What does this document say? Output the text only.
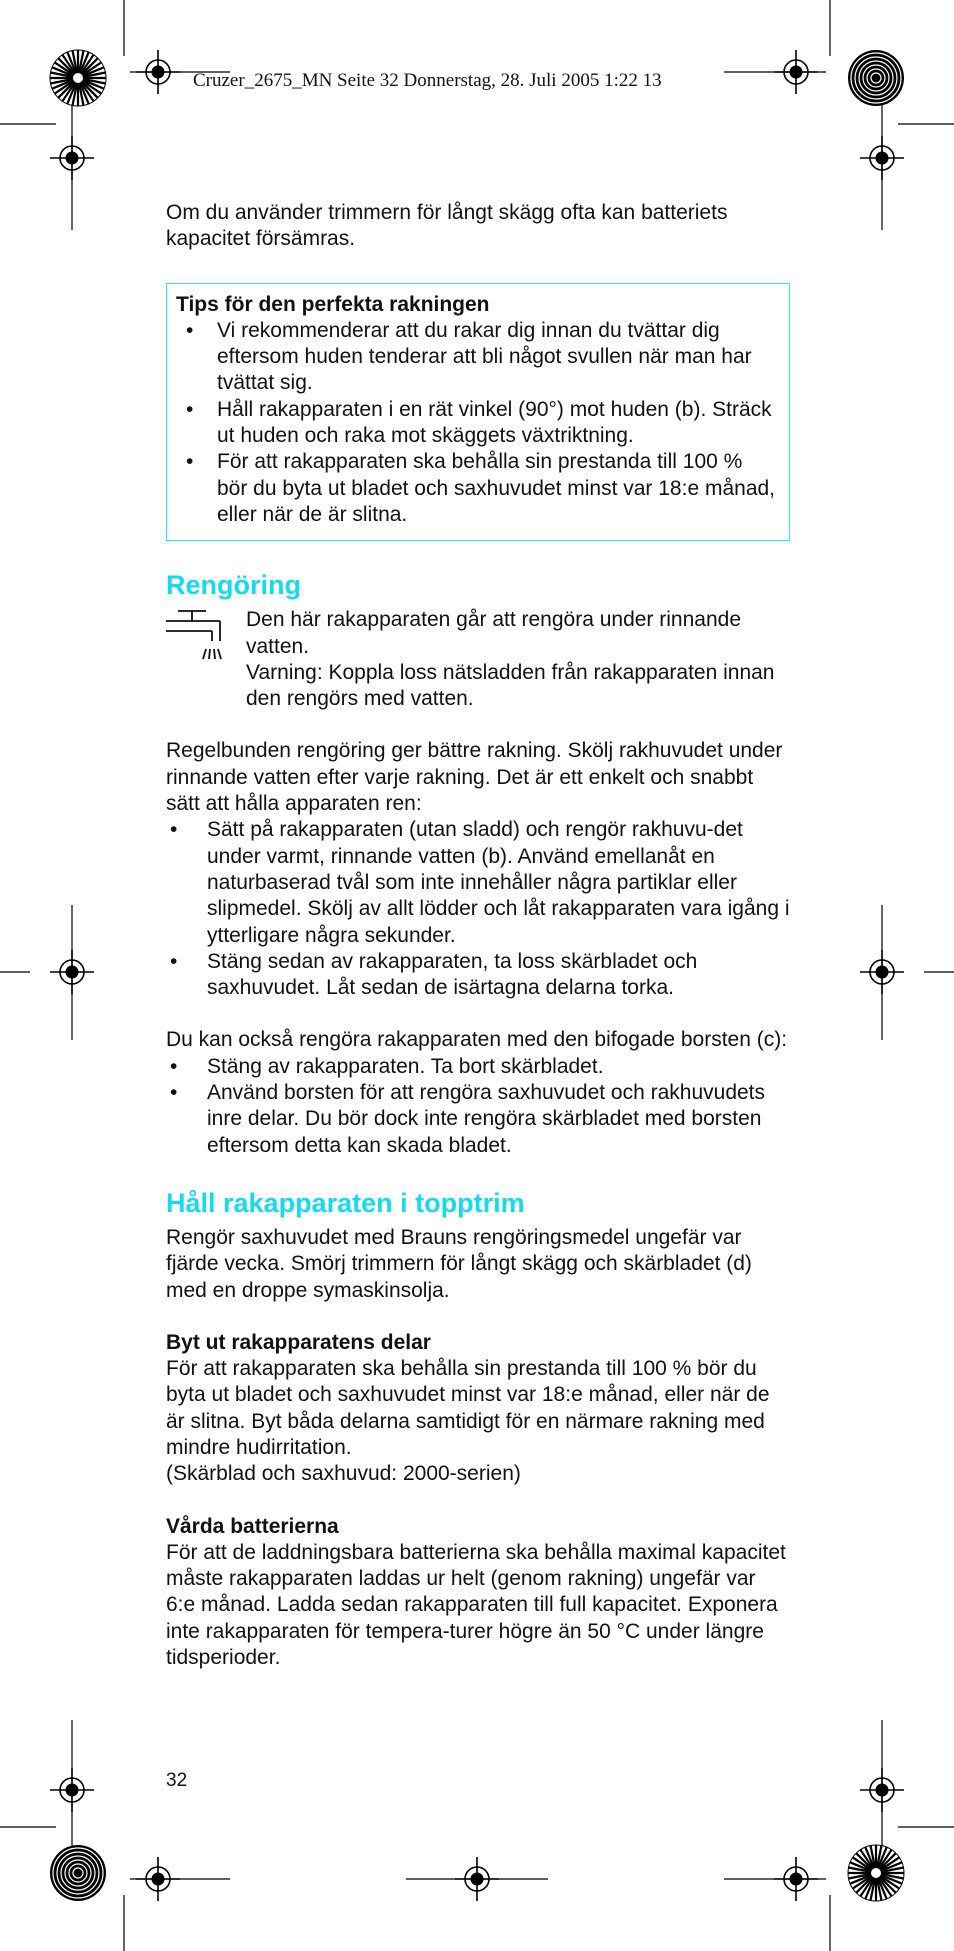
Cruzer_2675_MN Seite 32 Donnerstag, 28. Juli 2005 1:22 13

Om du använder trimmern för långt skägg ofta kan batteriets kapacitet försämras.

Tips för den perfekta rakningen
• Vi rekommenderar att du rakar dig innan du tvättar dig eftersom huden tenderar att bli något svullen när man har tvättat sig.
• Håll rakapparaten i en rät vinkel (90°) mot huden (b). Sträck ut huden och raka mot skäggets växtriktning.
• För att rakapparaten ska behålla sin prestanda till 100 % bör du byta ut bladet och saxhuvudet minst var 18:e månad, eller när de är slitna.
Rengöring

Den här rakapparaten går att rengöra under rinnande vatten.

Varning: Koppla loss nätsladden från rakapparaten innan den rengörs med vatten.

Regelbunden rengöring ger bättre rakning. Skölj rakhuvudet under rinnande vatten efter varje rakning. Det är ett enkelt och snabbt sätt att hålla apparaten ren:

• Sätt på rakapparaten (utan sladd) och rengör rakhuvu-det under varmt, rinnande vatten (b). Använd emellanåt en naturbaserad tvål som inte innehåller några partiklar eller slipmedel. Skölj av allt lödder och låt rakapparaten vara igång i ytterligare några sekunder.
• Stäng sedan av rakapparaten, ta loss skärbladet och saxhuvudet. Låt sedan de isärtagna delarna torka.

Du kan också rengöra rakapparaten med den bifogade borsten (c):

• Stäng av rakapparaten. Ta bort skärbladet.
• Använd borsten för att rengöra saxhuvudet och rakhuvudets inre delar. Du bör dock inte rengöra skärbladet med borsten eftersom detta kan skada bladet.
Håll rakapparaten i topptrim

Rengör saxhuvudet med Brauns rengöringsmedel ungefär var fjärde vecka. Smörj trimmern för långt skägg och skärbladet (d) med en droppe symaskinsolja.

Byt ut rakapparatens delar

För att rakapparaten ska behålla sin prestanda till 100 % bör du byta ut bladet och saxhuvudet minst var 18:e månad, eller när de är slitna. Byt båda delarna samtidigt för en närmare rakning med mindre hudirritation.

(Skärblad och saxhuvud: 2000-serien)

Vårda batterierna

För att de laddningsbara batterierna ska behålla maximal kapacitet måste rakapparaten laddas ur helt (genom rakning) ungefär var 6:e månad. Ladda sedan rakapparaten till full kapacitet. Exponera inte rakapparaten för tempera-turer högre än 50 °C under längre tidsperioder.

32
